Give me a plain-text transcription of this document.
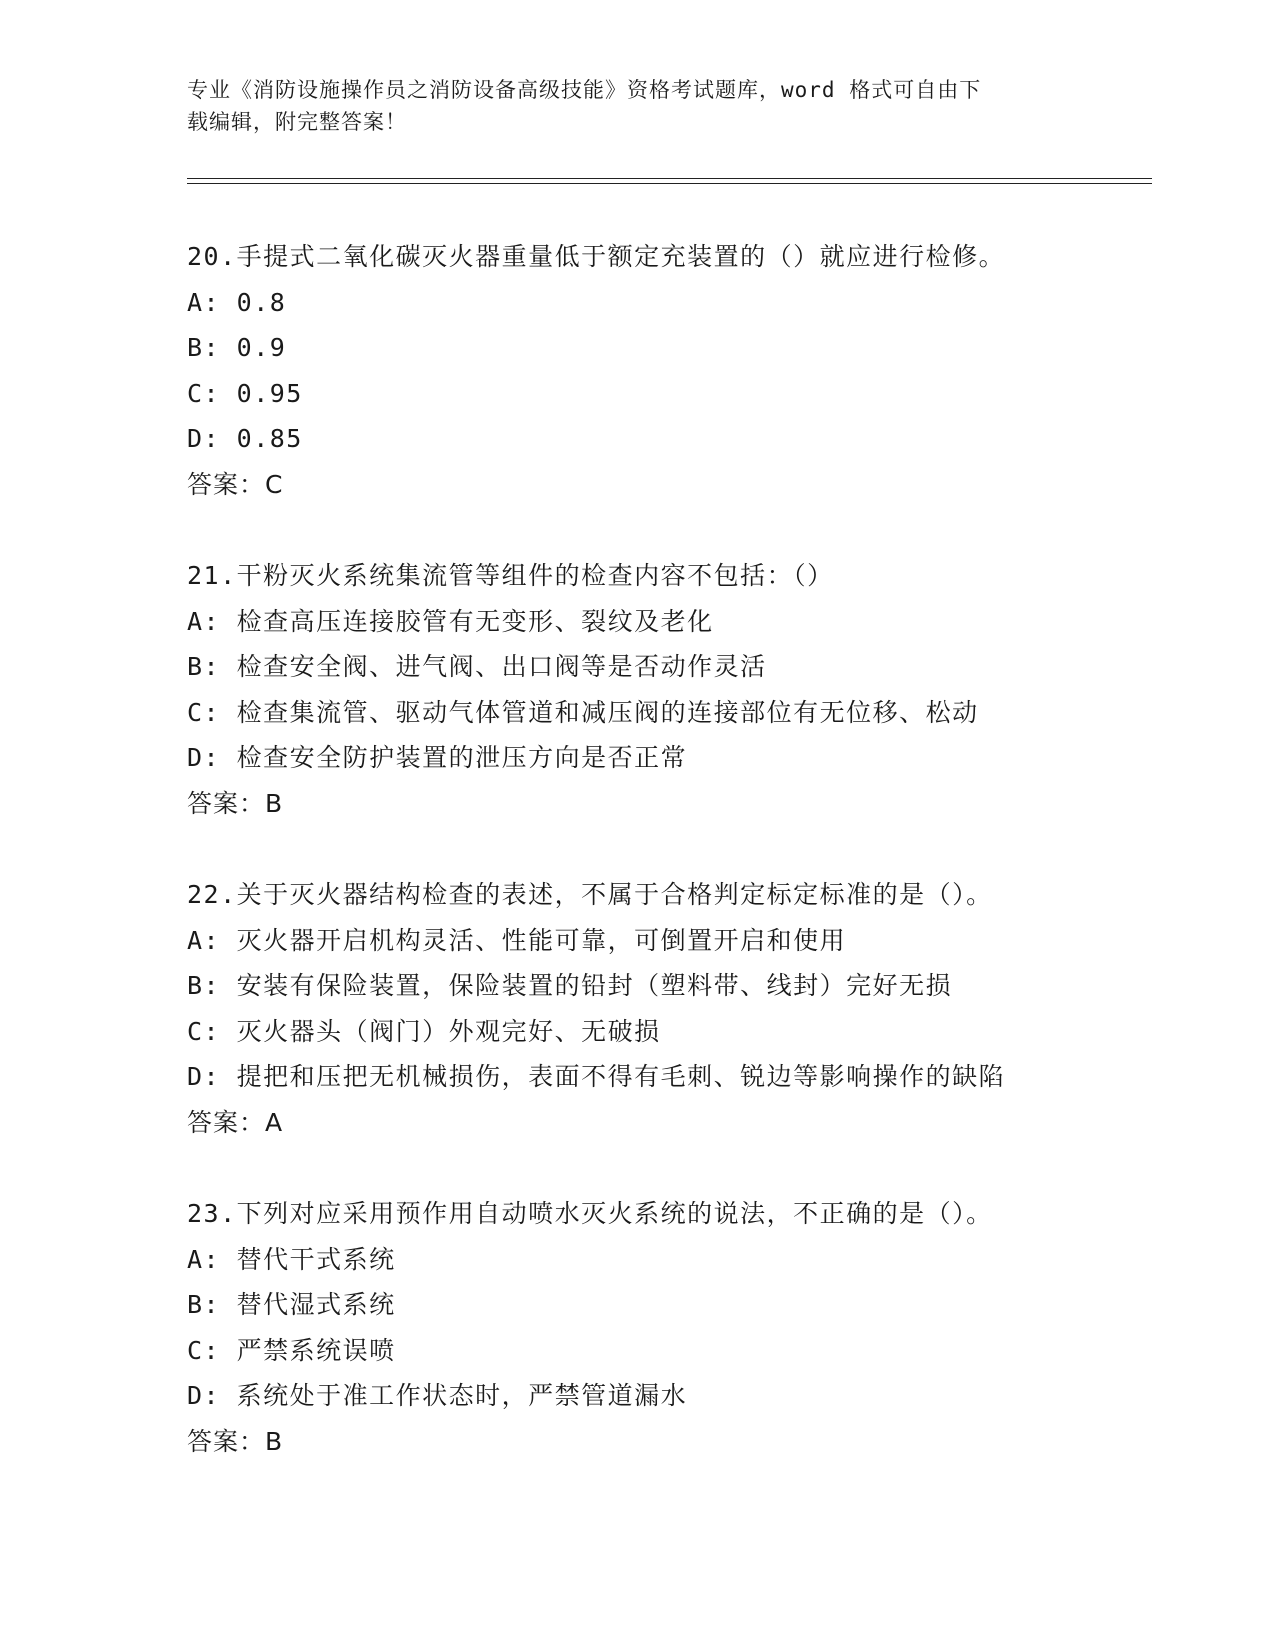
专业《消防设施操作员之消防设备高级技能》资格考试题库，word 格式可自由下
载编辑，附完整答案！
20.手提式二氧化碳灭火器重量低于额定充装置的（）就应进行检修。
A: 0.8
B: 0.9
C: 0.95
D: 0.85
答案：C
21.干粉灭火系统集流管等组件的检查内容不包括：（）
A: 检查高压连接胶管有无变形、裂纹及老化
B: 检查安全阀、进气阀、出口阀等是否动作灵活
C: 检查集流管、驱动气体管道和减压阀的连接部位有无位移、松动
D: 检查安全防护装置的泄压方向是否正常
答案：B
22.关于灭火器结构检查的表述，不属于合格判定标定标准的是（）。
A: 灭火器开启机构灵活、性能可靠，可倒置开启和使用
B: 安装有保险装置，保险装置的铅封（塑料带、线封）完好无损
C: 灭火器头（阀门）外观完好、无破损
D: 提把和压把无机械损伤，表面不得有毛刺、锐边等影响操作的缺陷
答案：A
23.下列对应采用预作用自动喷水灭火系统的说法，不正确的是（）。
A: 替代干式系统
B: 替代湿式系统
C: 严禁系统误喷
D: 系统处于准工作状态时，严禁管道漏水
答案：B
